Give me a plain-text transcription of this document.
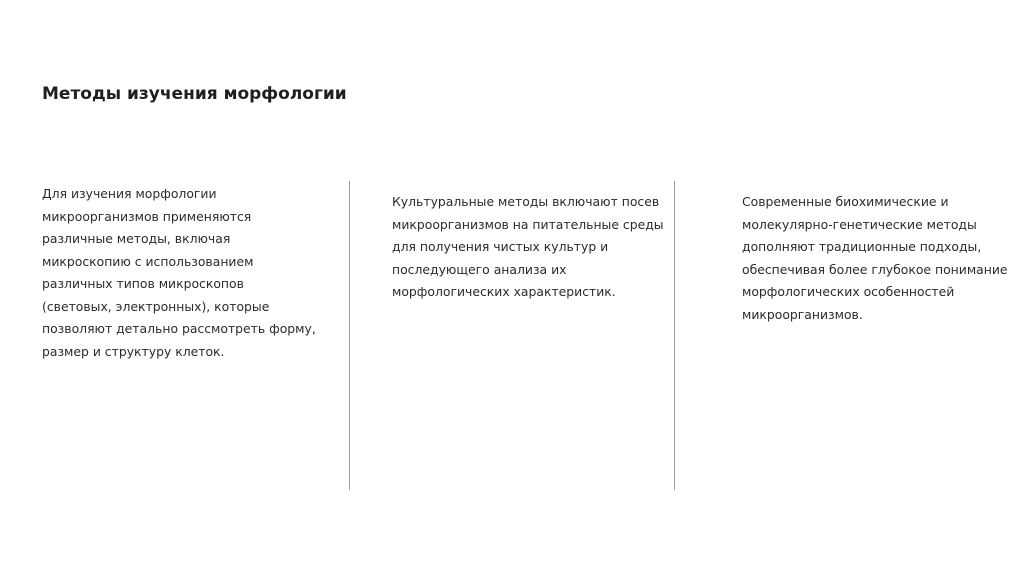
Методы изучения морфологии

Для изучения морфологии
микроорганизмов применяются
различные методы, включая
микроскопию с использованием
различных типов микроскопов
(световых, электронных), которые
позволяют детально рассмотреть форму,
размер и структуру клеток.

Культуральные методы включают посев
микроорганизмов на питательные среды
для получения чистых культур и
последующего анализа их
морфологических характеристик.

Современные биохимические и
молекулярно-генетические методы
дополняют традиционные подходы,
обеспечивая более глубокое понимание
морфологических особенностей
микроорганизмов.
